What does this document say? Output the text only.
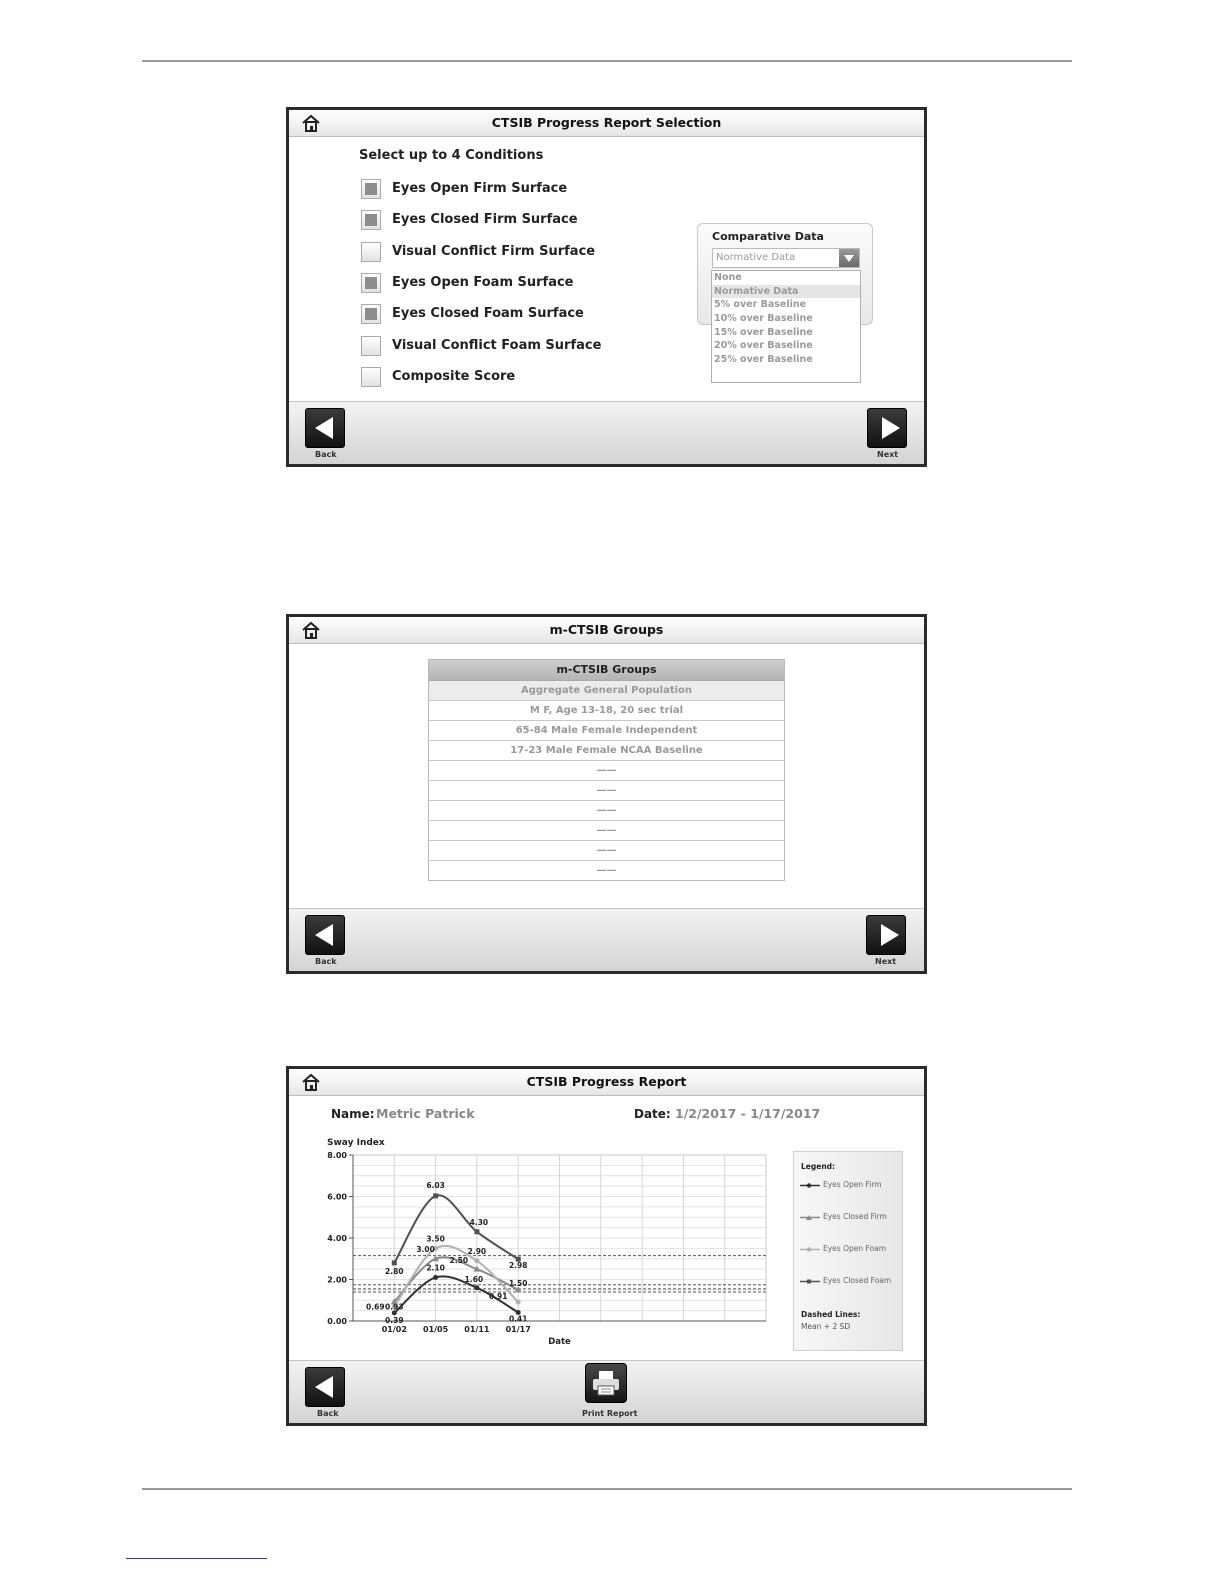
CTSIB Progress Report Selection
Select up to 4 Conditions
Eyes Open Firm Surface
Eyes Closed Firm Surface
Visual Conflict Firm Surface
Eyes Open Foam Surface
Eyes Closed Foam Surface
Visual Conflict Foam Surface
Composite Score
Comparative Data
Normative Data
None
Normative Data
5% over Baseline
10% over Baseline
15% over Baseline
20% over Baseline
25% over Baseline
Back	Next
m-CTSIB Groups
m-CTSIB Groups
Aggregate General Population
M F, Age 13-18, 20 sec trial
65-84 Male Female Independent
17-23 Male Female NCAA Baseline
——
——
——
——
——
——
Back	Next
CTSIB Progress Report
Name: Metric Patrick	Date: 1/2/2017 - 1/17/2017
0.00
2.00
4.00
6.00
8.00
Sway Index
01/02 01/05 01/11 01/17
Date
0.39
2.10
1.60
0.41
0.93
3.00
2.50
1.50
0.69
3.50
2.90
0.91
2.80
6.03
4.30
2.98
Legend:
Eyes Open Firm
Eyes Closed Firm
Eyes Open Foam
Eyes Closed Foam
Dashed Lines:
Mean + 2 SD
Back	Print Report
